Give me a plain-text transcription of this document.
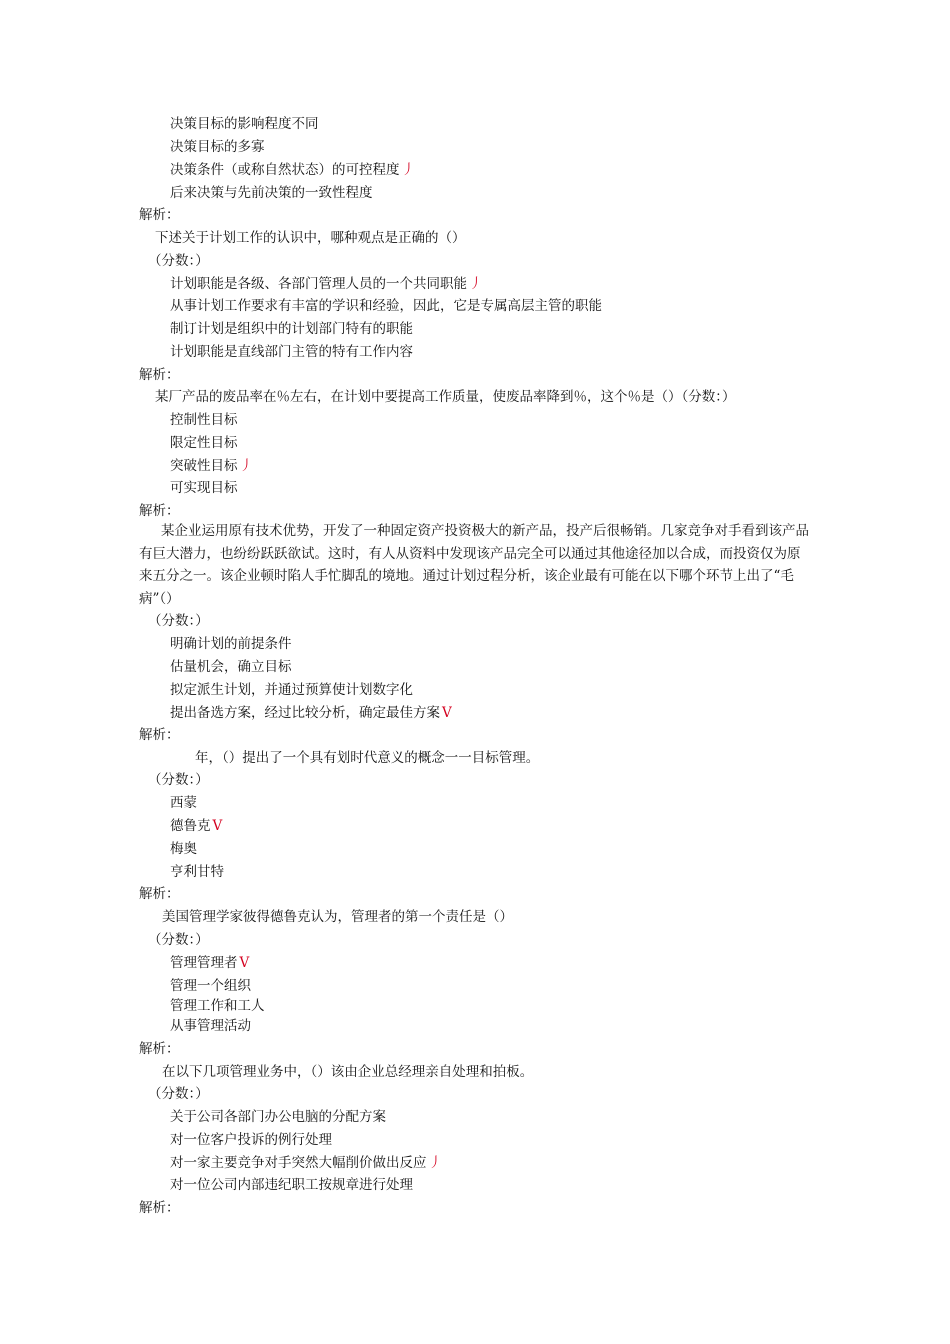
决策目标的影响程度不同
决策目标的多寡
决策条件（或称自然状态）的可控程度 丿
后来决策与先前决策的一致性程度
解析：
下述关于计划工作的认识中，哪种观点是正确的（）
（分数：）
计划职能是各级、各部门管理人员的一个共同职能 丿
从事计划工作要求有丰富的学识和经验，因此，它是专属高层主管的职能
制订计划是组织中的计划部门特有的职能
计划职能是直线部门主管的特有工作内容
解析：
某厂产品的废品率在％左右，在计划中要提高工作质量，使废品率降到％，这个％是（）（分数：）
控制性目标
限定性目标
突破性目标 丿
可实现目标
解析：
某企业运用原有技术优势，开发了一种固定资产投资极大的新产品，投产后很畅销。几家竞争对手看到该产品有巨大潜力，也纷纷跃跃欲试。这时，有人从资料中发现该产品完全可以通过其他途径加以合成，而投资仅为原来五分之一。该企业顿时陷人手忙脚乱的境地。通过计划过程分析，该企业最有可能在以下哪个环节上出了“毛病”（）
（分数：）
明确计划的前提条件
估量机会，确立目标
拟定派生计划，并通过预算使计划数字化
提出备选方案，经过比较分析，确定最佳方案 V
解析：
年，（）提出了一个具有划时代意义的概念一一目标管理。
（分数：）
西蒙
德鲁克 V
梅奥
亨利甘特
解析：
美国管理学家彼得德鲁克认为，管理者的第一个责任是（）
（分数：）
管理管理者 V
管理一个组织
管理工作和工人
从事管理活动
解析：
在以下几项管理业务中，（）该由企业总经理亲自处理和拍板。
（分数：）
关于公司各部门办公电脑的分配方案
对一位客户投诉的例行处理
对一家主要竞争对手突然大幅削价做出反应 丿
对一位公司内部违纪职工按规章进行处理
解析：
